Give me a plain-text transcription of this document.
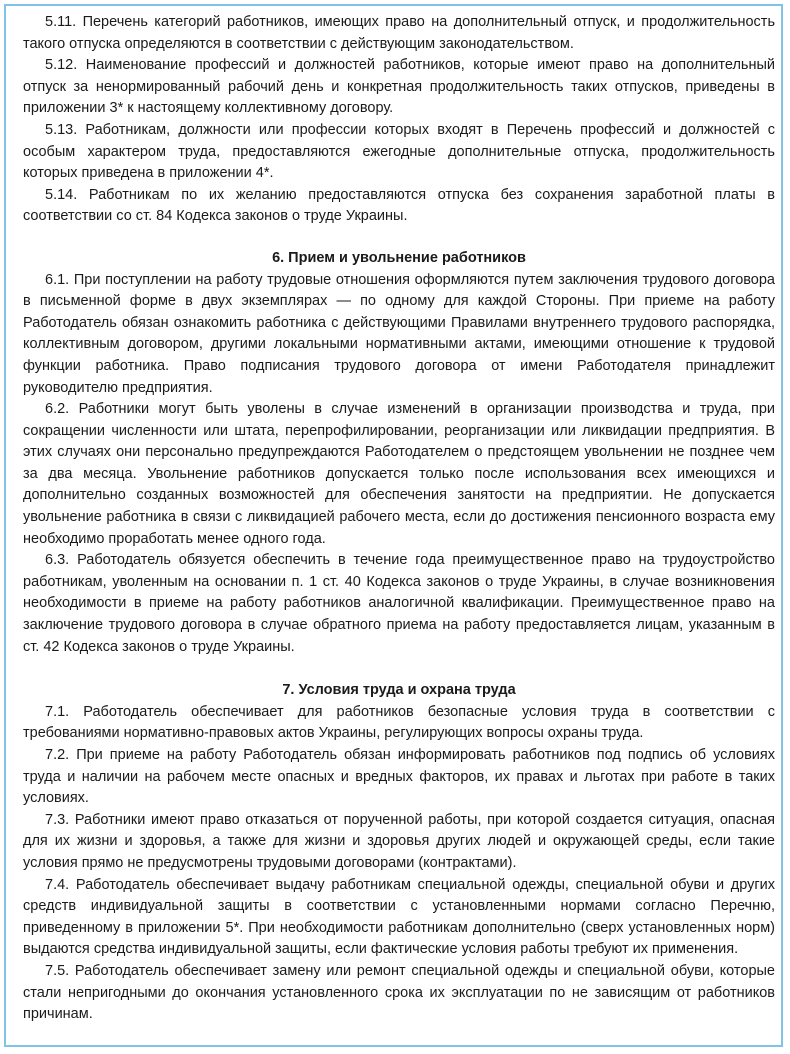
5.11. Перечень категорий работников, имеющих право на дополнительный отпуск, и продолжительность такого отпуска определяются в соответствии с действующим законодательством.

5.12. Наименование профессий и должностей работников, которые имеют право на дополнительный отпуск за ненормированный рабочий день и конкретная продолжительность таких отпусков, приведены в приложении 3* к настоящему коллективному договору.

5.13. Работникам, должности или профессии которых входят в Перечень профессий и должностей с особым характером труда, предоставляются ежегодные дополнительные отпуска, продолжительность которых приведена в приложении 4*.

5.14. Работникам по их желанию предоставляются отпуска без сохранения заработной платы в соответствии со ст. 84 Кодекса законов о труде Украины.

6. Прием и увольнение работников

6.1. При поступлении на работу трудовые отношения оформляются путем заключения трудового договора в письменной форме в двух экземплярах — по одному для каждой Стороны. При приеме на работу Работодатель обязан ознакомить работника с действующими Правилами внутреннего трудового распорядка, коллективным договором, другими локальными нормативными актами, имеющими отношение к трудовой функции работника. Право подписания трудового договора от имени Работодателя принадлежит руководителю предприятия.

6.2. Работники могут быть уволены в случае изменений в организации производства и труда, при сокращении численности или штата, перепрофилировании, реорганизации или ликвидации предприятия. В этих случаях они персонально предупреждаются Работодателем о предстоящем увольнении не позднее чем за два месяца. Увольнение работников допускается только после использования всех имеющихся и дополнительно созданных возможностей для обеспечения занятости на предприятии. Не допускается увольнение работника в связи с ликвидацией рабочего места, если до достижения пенсионного возраста ему необходимо проработать менее одного года.

6.3. Работодатель обязуется обеспечить в течение года преимущественное право на трудоустройство работникам, уволенным на основании п. 1 ст. 40 Кодекса законов о труде Украины, в случае возникновения необходимости в приеме на работу работников аналогичной квалификации. Преимущественное право на заключение трудового договора в случае обратного приема на работу предоставляется лицам, указанным в ст. 42 Кодекса законов о труде Украины.

7. Условия труда и охрана труда

7.1. Работодатель обеспечивает для работников безопасные условия труда в соответствии с требованиями нормативно-правовых актов Украины, регулирующих вопросы охраны труда.

7.2. При приеме на работу Работодатель обязан информировать работников под подпись об условиях труда и наличии на рабочем месте опасных и вредных факторов, их правах и льготах при работе в таких условиях.

7.3. Работники имеют право отказаться от порученной работы, при которой создается ситуация, опасная для их жизни и здоровья, а также для жизни и здоровья других людей и окружающей среды, если такие условия прямо не предусмотрены трудовыми договорами (контрактами).

7.4. Работодатель обеспечивает выдачу работникам специальной одежды, специальной обуви и других средств индивидуальной защиты в соответствии с установленными нормами согласно Перечню, приведенному в приложении 5*. При необходимости работникам дополнительно (сверх установленных норм) выдаются средства индивидуальной защиты, если фактические условия работы требуют их применения.

7.5. Работодатель обеспечивает замену или ремонт специальной одежды и специальной обуви, которые стали непригодными до окончания установленного срока их эксплуатации по не зависящим от работников причинам.
